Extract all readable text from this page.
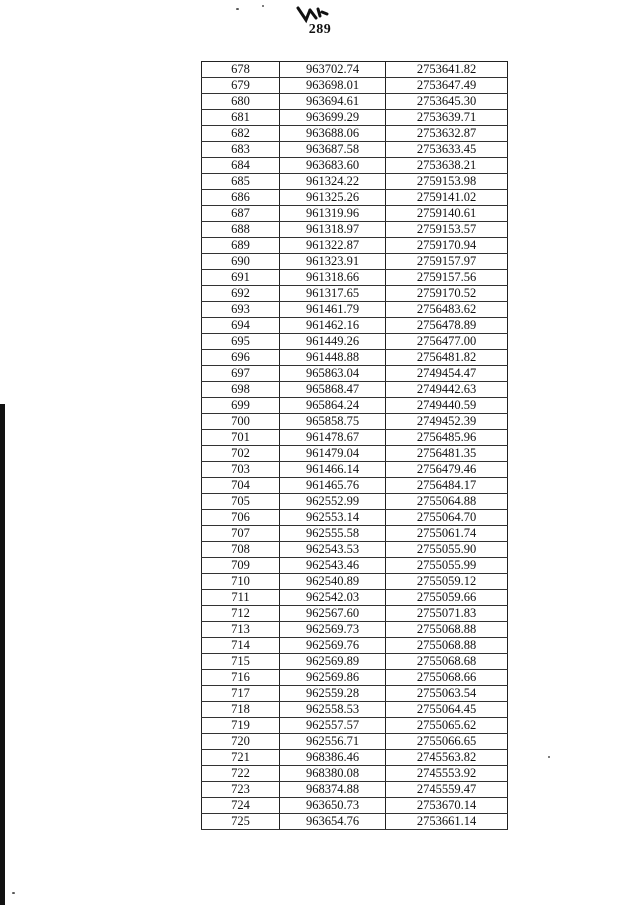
289
678	963702.74	2753641.82
679	963698.01	2753647.49
680	963694.61	2753645.30
681	963699.29	2753639.71
682	963688.06	2753632.87
683	963687.58	2753633.45
684	963683.60	2753638.21
685	961324.22	2759153.98
686	961325.26	2759141.02
687	961319.96	2759140.61
688	961318.97	2759153.57
689	961322.87	2759170.94
690	961323.91	2759157.97
691	961318.66	2759157.56
692	961317.65	2759170.52
693	961461.79	2756483.62
694	961462.16	2756478.89
695	961449.26	2756477.00
696	961448.88	2756481.82
697	965863.04	2749454.47
698	965868.47	2749442.63
699	965864.24	2749440.59
700	965858.75	2749452.39
701	961478.67	2756485.96
702	961479.04	2756481.35
703	961466.14	2756479.46
704	961465.76	2756484.17
705	962552.99	2755064.88
706	962553.14	2755064.70
707	962555.58	2755061.74
708	962543.53	2755055.90
709	962543.46	2755055.99
710	962540.89	2755059.12
711	962542.03	2755059.66
712	962567.60	2755071.83
713	962569.73	2755068.88
714	962569.76	2755068.88
715	962569.89	2755068.68
716	962569.86	2755068.66
717	962559.28	2755063.54
718	962558.53	2755064.45
719	962557.57	2755065.62
720	962556.71	2755066.65
721	968386.46	2745563.82
722	968380.08	2745553.92
723	968374.88	2745559.47
724	963650.73	2753670.14
725	963654.76	2753661.14
